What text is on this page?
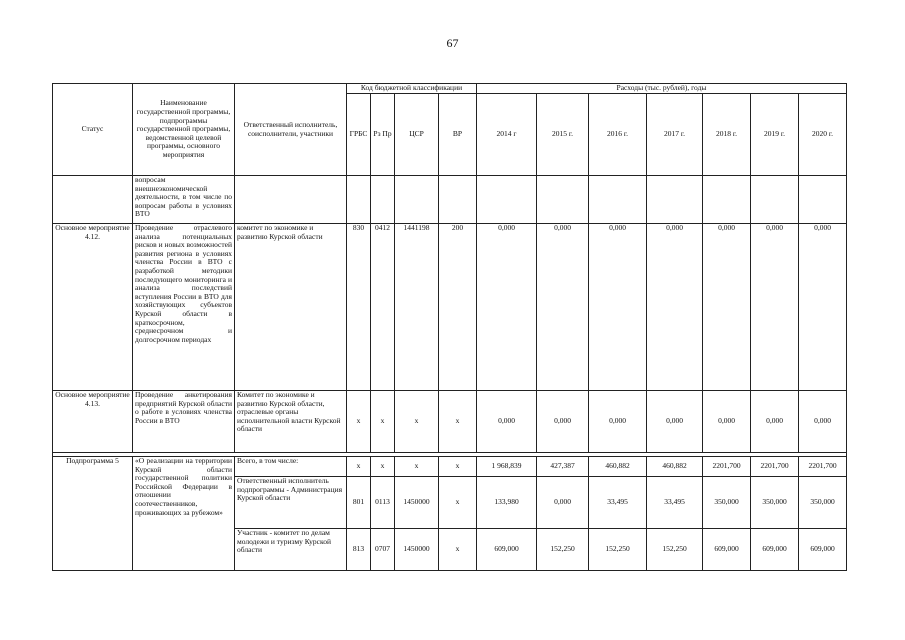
67
Статус	Наименование государственной программы, подпрограммы государственной программы, ведомственной целевой программы, основного мероприятия	Ответственный исполнитель, соисполнители, участники	Код бюджетной классификации				Расходы (тыс. рублей), годы						
			ГРБС	Рз Пр	ЦСР	ВР	2014 г	2015 г.	2016 г.	2017 г.	2018 г.	2019 г.	2020 г.
	вопросам внешнеэкономической деятельности, в том числе по вопросам работы в условиях ВТО												
Основное мероприятие 4.12.	Проведение отраслевого анализа потенциальных рисков и новых возможностей развития региона в условиях членства России в ВТО с разработкой методики последующего мониторинга и анализа последствий вступления России в ВТО для хозяйствующих субъектов Курской области в краткосрочном, среднесрочном и долгосрочном периодах	комитет по экономике и развитию Курской области	830	0412	1441198	200	0,000	0,000	0,000	0,000	0,000	0,000	0,000
Основное мероприятие 4.13.	Проведение анкетирования предприятий Курской области о работе в условиях членства России в ВТО	Комитет по экономике и развитию Курской области, отраслевые органы исполнительной власти Курской области	x	x	x	x	0,000	0,000	0,000	0,000	0,000	0,000	0,000

Подпрограмма 5	«О реализации на территории Курской области государственной политики Российской Федерации в отношении соотечественников, проживающих за рубежом»	Всего, в том числе:	x	x	x	x	1 968,839	427,387	460,882	460,882	2201,700	2201,700	2201,700
		Ответственный исполнитель подпрограммы - Администрация Курской области	801	0113	1450000	x	133,980	0,000	33,495	33,495	350,000	350,000	350,000
		Участник - комитет по делам молодежи и туризму Курской области	813	0707	1450000	x	609,000	152,250	152,250	152,250	609,000	609,000	609,000
